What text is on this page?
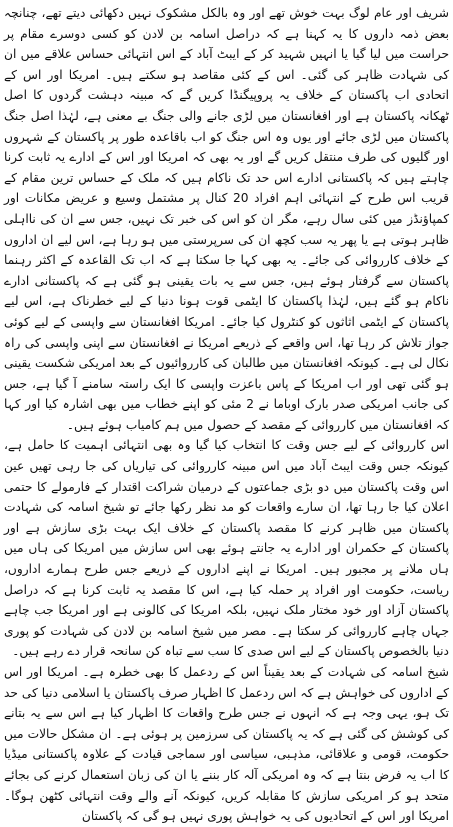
شریف اور عام لوگ بہت خوش تھے اور وہ بالکل مشکوک نہیں دکھائی دیتے تھے، چنانچہ بعض ذمہ داروں کا یہ کہنا ہے کہ دراصل اسامہ بن لادن کو کسی دوسرے مقام پر حراست میں لیا گیا یا انہیں شہید کر کے ایبٹ آباد کے اس انتہائی حساس علاقے میں ان کی شہادت ظاہر کی گئی۔ اس کے کئی مقاصد ہو سکتے ہیں۔ امریکا اور اس کے اتحادی اب پاکستان کے خلاف یہ پروپیگنڈا کریں گے کہ مبینہ دہشت گردوں کا اصل ٹھکانہ پاکستان ہے اور افغانستان میں لڑی جانے والی جنگ بے معنی ہے، لہٰذا اصل جنگ پاکستان میں لڑی جائے اور یوں وہ اس جنگ کو اب باقاعدہ طور پر پاکستان کے شہروں اور گلیوں کی طرف منتقل کریں گے اور یہ بھی کہ امریکا اور اس کے ادارے یہ ثابت کرنا چاہتے ہیں کہ پاکستانی ادارے اس حد تک ناکام ہیں کہ ملک کے حساس ترین مقام کے قریب اس طرح کے انتہائی اہم افراد 20 کنال پر مشتمل وسیع و عریض مکانات اور کمپاؤنڈز میں کئی سال رہے، مگر ان کو اس کی خبر تک نہیں، جس سے ان کی نااہلی ظاہر ہوتی ہے یا پھر یہ سب کچھ ان کی سرپرستی میں ہو رہا ہے، اس لیے ان اداروں کے خلاف کارروائی کی جائے۔ یہ بھی کہا جا سکتا ہے کہ اب تک القاعدہ کے اکثر رہنما پاکستان سے گرفتار ہوئے ہیں، جس سے یہ بات یقینی ہو گئی ہے کہ پاکستانی ادارے ناکام ہو گئے ہیں، لہٰذا پاکستان کا ایٹمی قوت ہونا دنیا کے لیے خطرناک ہے، اس لیے پاکستان کے ایٹمی اثاثوں کو کنٹرول کیا جائے۔ امریکا افغانستان سے واپسی کے لیے کوئی جواز تلاش کر رہا تھا، اس واقعے کے ذریعے امریکا نے افغانستان سے اپنی واپسی کی راہ نکال لی ہے۔ کیونکہ افغانستان میں طالبان کی کارروائیوں کے بعد امریکی شکست یقینی ہو گئی تھی اور اب امریکا کے پاس باعزت واپسی کا ایک راستہ سامنے آ گیا ہے، جس کی جانب امریکی صدر بارک اوباما نے 2 مئی کو اپنے خطاب میں بھی اشارہ کیا اور کہا کہ افغانستان میں کارروائی کے مقصد کے حصول میں ہم کامیاب ہوئے ہیں۔

اس کارروائی کے لیے جس وقت کا انتخاب کیا گیا وہ بھی انتہائی اہمیت کا حامل ہے، کیونکہ جس وقت ایبٹ آباد میں اس مبینہ کارروائی کی تیاریاں کی جا رہی تھیں عین اس وقت پاکستان میں دو بڑی جماعتوں کے درمیان شراکت اقتدار کے فارمولے کا حتمی اعلان کیا جا رہا تھا، ان سارے واقعات کو مد نظر رکھا جائے تو شیخ اسامہ کی شہادت پاکستان میں ظاہر کرنے کا مقصد پاکستان کے خلاف ایک بہت بڑی سازش ہے اور پاکستان کے حکمران اور ادارے یہ جانتے ہوئے بھی اس سازش میں امریکا کی ہاں میں ہاں ملانے پر مجبور ہیں۔ امریکا نے اپنے اداروں کے ذریعے جس طرح ہمارے اداروں، ریاست، حکومت اور افراد پر حملہ کیا ہے، اس کا مقصد یہ ثابت کرنا ہے کہ دراصل پاکستان آزاد اور خود مختار ملک نہیں، بلکہ امریکا کی کالونی ہے اور امریکا جب چاہے جہاں چاہے کارروائی کر سکتا ہے۔ مصر میں شیخ اسامہ بن لادن کی شہادت کو پوری دنیا بالخصوص پاکستان کے لیے اس صدی کا سب سے تباہ کن سانحہ قرار دے رہے ہیں۔

شیخ اسامہ کی شہادت کے بعد یقیناً اس کے ردعمل کا بھی خطرہ ہے۔ امریکا اور اس کے اداروں کی خواہش ہے کہ اس ردعمل کا اظہار صرف پاکستان یا اسلامی دنیا کی حد تک ہو، یہی وجہ ہے کہ انہوں نے جس طرح واقعات کا اظہار کیا ہے اس سے یہ بتانے کی کوشش کی گئی ہے کہ یہ پاکستان کی سرزمین پر ہوئی ہے۔ ان مشکل حالات میں حکومت، قومی و علاقائی، مذہبی، سیاسی اور سماجی قیادت کے علاوہ پاکستانی میڈیا کا اب یہ فرض بنتا ہے کہ وہ امریکی آلہ کار بننے یا ان کی زبان استعمال کرنے کی بجائے متحد ہو کر امریکی سازش کا مقابلہ کریں، کیونکہ آنے والے وقت انتہائی کٹھن ہوگا۔ امریکا اور اس کے اتحادیوں کی یہ خواہش پوری نہیں ہو گی کہ پاکستان
